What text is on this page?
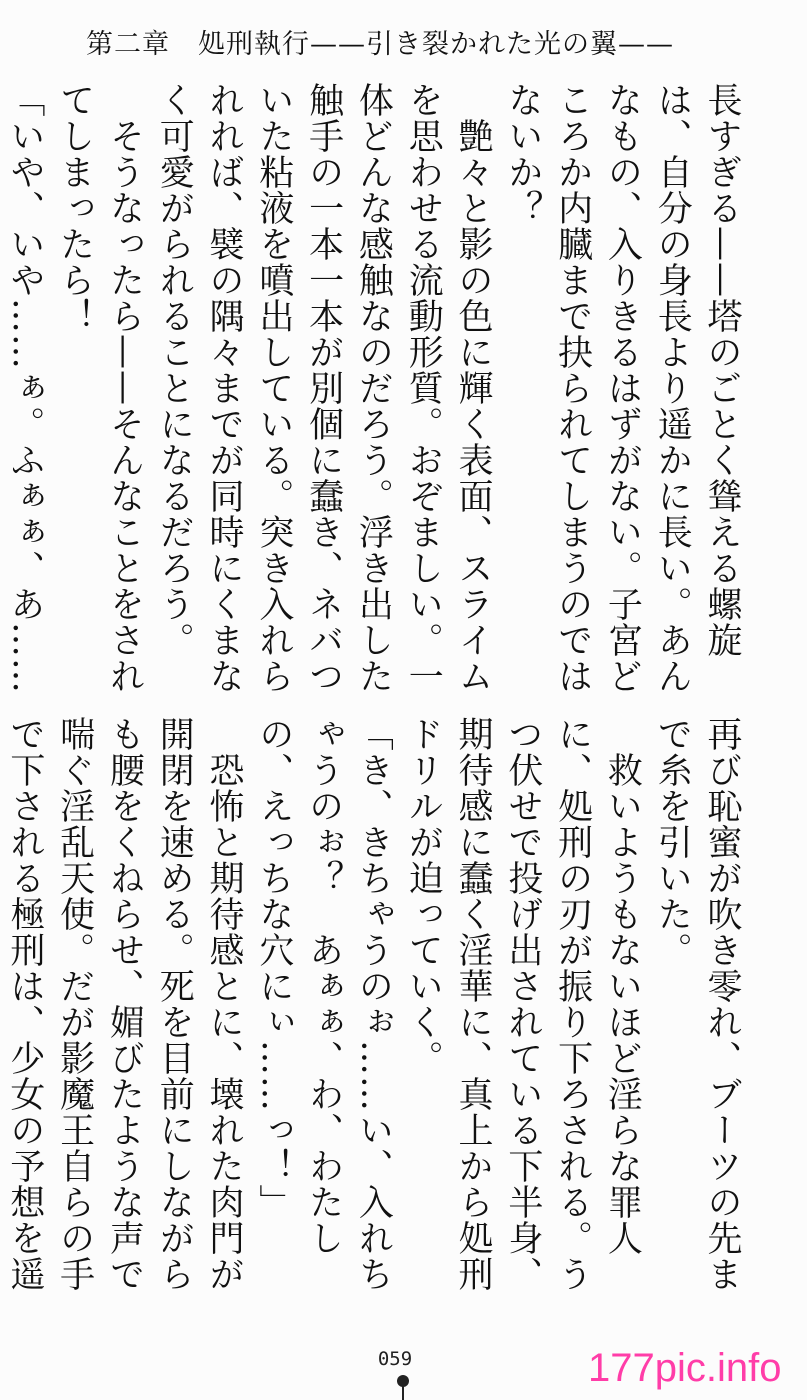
第二章　処刑執行——引き裂かれた光の翼——

長すぎる——塔のごとく聳える螺旋は、自分の身長より遥かに長い。あんなもの、入りきるはずがない。子宮どころか内臓まで抉られてしまうのではないか？

　艶々と影の色に輝く表面、スライムを思わせる流動形質。おぞましい。一体どんな感触なのだろう。浮き出した触手の一本一本が別個に蠢き、ネバついた粘液を噴出している。突き入れられれば、襞の隅々までが同時にくまなく可愛がられることになるだろう。

　そうなったら——そんなことをされてしまったら！

「いや、いや……ぁ。ふぁぁ、あ……

再び恥蜜が吹き零れ、ブーツの先まで糸を引いた。

　救いようもないほど淫らな罪人に、処刑の刃が振り下ろされる。うつ伏せで投げ出されている下半身、期待感に蠢く淫華に、真上から処刑ドリルが迫っていく。

「き、きちゃうのぉ……い、入れちゃうのぉ？　あぁぁ、わ、わたしの、えっちな穴にぃ……っ！」

　恐怖と期待感とに、壊れた肉門が開閉を速める。死を目前にしながらも腰をくねらせ、媚びたような声で喘ぐ淫乱天使。だが影魔王自らの手で下される極刑は、少女の予想を遥

059	177pic.info
